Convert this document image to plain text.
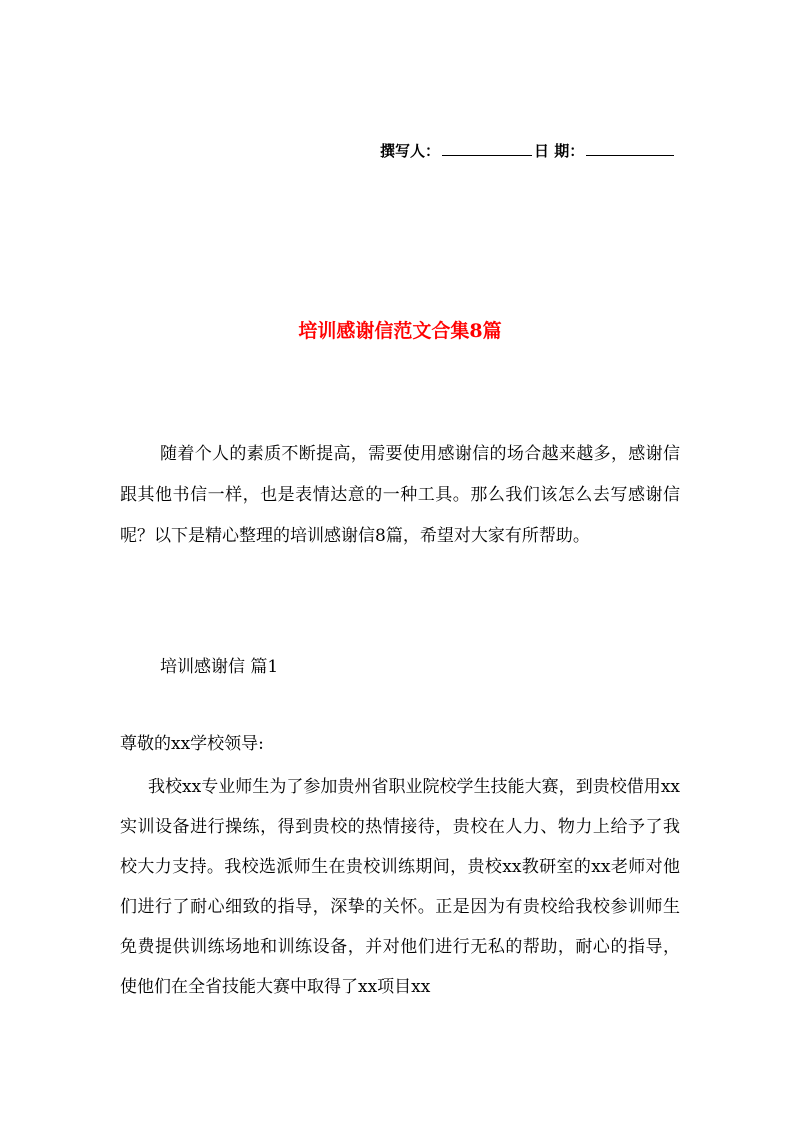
撰写人：	日 期：
培训感谢信范文合集8篇
随着个人的素质不断提高，需要使用感谢信的场合越来越多，感谢信跟其他书信一样，也是表情达意的一种工具。那么我们该怎么去写感谢信呢？以下是精心整理的培训感谢信8篇，希望对大家有所帮助。
培训感谢信 篇1
尊敬的xx学校领导:
我校xx专业师生为了参加贵州省职业院校学生技能大赛，到贵校借用xx实训设备进行操练，得到贵校的热情接待，贵校在人力、物力上给予了我校大力支持。我校选派师生在贵校训练期间，贵校xx教研室的xx老师对他们进行了耐心细致的指导，深挚的关怀。正是因为有贵校给我校参训师生免费提供训练场地和训练设备，并对他们进行无私的帮助，耐心的指导，使他们在全省技能大赛中取得了xx项目xx
